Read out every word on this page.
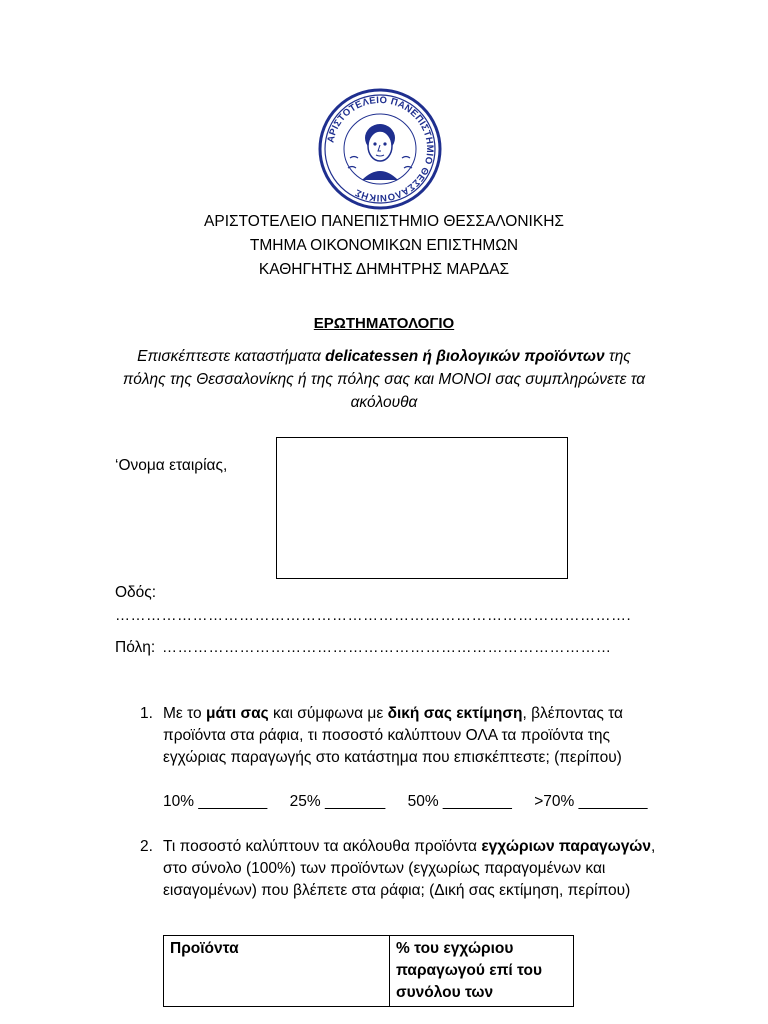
ΑΡΙΣΤΟΤΕΛΕΙΟ ΠΑΝΕΠΙΣΤΗΜΙΟ ΘΕΣΣΑΛΟΝΙΚΗΣ
ΑΡΙΣΤΟΤΕΛΕΙΟ ΠΑΝΕΠΙΣΤΗΜΙΟ ΘΕΣΣΑΛΟΝΙΚΗΣ
ΤΜΗΜΑ ΟΙΚΟΝΟΜΙΚΩΝ ΕΠΙΣΤΗΜΩΝ
ΚΑΘΗΓΗΤΗΣ ΔΗΜΗΤΡΗΣ ΜΑΡΔΑΣ
ΕΡΩΤΗΜΑΤΟΛΟΓΙΟ
Επισκέπτεστε καταστήματα delicatessen ή βιολογικών προϊόντων της πόλης της Θεσσαλονίκης ή της πόλης σας και ΜΟΝΟΙ σας συμπληρώνετε τα ακόλουθα
‘Ονομα εταιρίας,
Οδός:
……………………………………………………………………………………….
Πόλη: ……………………………………………………………………………
1. Με το μάτι σας και σύμφωνα με δική σας εκτίμηση, βλέποντας τα προϊόντα στα ράφια, τι ποσοστό καλύπτουν ΟΛΑ τα προϊόντα της εγχώριας παραγωγής στο κατάστημα που επισκέπτεστε; (περίπου)
10% ________ 25% _______ 50% ________ >70% ________
2. Τι ποσοστό καλύπτουν τα ακόλουθα προϊόντα εγχώριων παραγωγών, στο σύνολο (100%) των προϊόντων (εγχωρίως παραγομένων και εισαγομένων) που βλέπετε στα ράφια; (Δική σας εκτίμηση, περίπου)
Προϊόντα	% του εγχώριου παραγωγού επί του συνόλου των
